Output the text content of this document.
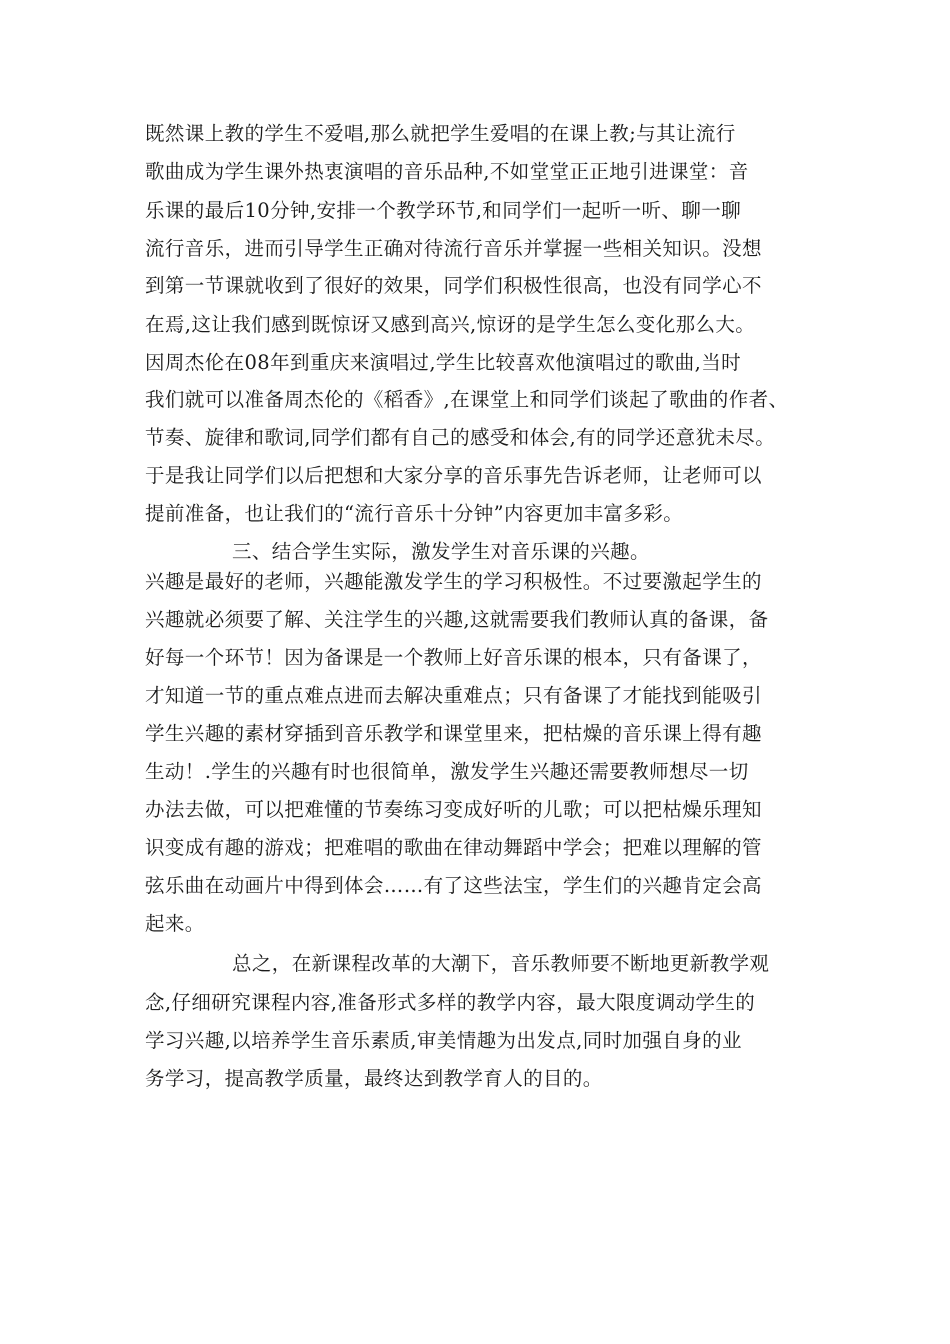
既然课上教的学生不爱唱,那么就把学生爱唱的在课上教;与其让流行
歌曲成为学生课外热衷演唱的音乐品种,不如堂堂正正地引进课堂：音
乐课的最后10分钟,安排一个教学环节,和同学们一起听一听、聊一聊
流行音乐，进而引导学生正确对待流行音乐并掌握一些相关知识。没想
到第一节课就收到了很好的效果，同学们积极性很高，也没有同学心不
在焉,这让我们感到既惊讶又感到高兴,惊讶的是学生怎么变化那么大。
因周杰伦在08年到重庆来演唱过,学生比较喜欢他演唱过的歌曲,当时
我们就可以准备周杰伦的《稻香》,在课堂上和同学们谈起了歌曲的作者、
节奏、旋律和歌词,同学们都有自己的感受和体会,有的同学还意犹未尽。
于是我让同学们以后把想和大家分享的音乐事先告诉老师，让老师可以
提前准备，也让我们的“流行音乐十分钟”内容更加丰富多彩。
三、结合学生实际，激发学生对音乐课的兴趣。
兴趣是最好的老师，兴趣能激发学生的学习积极性。不过要激起学生的
兴趣就必须要了解、关注学生的兴趣,这就需要我们教师认真的备课，备
好每一个环节！因为备课是一个教师上好音乐课的根本，只有备课了，
才知道一节的重点难点进而去解决重难点；只有备课了才能找到能吸引
学生兴趣的素材穿插到音乐教学和课堂里来，把枯燥的音乐课上得有趣
生动！.学生的兴趣有时也很简单，激发学生兴趣还需要教师想尽一切
办法去做，可以把难懂的节奏练习变成好听的儿歌；可以把枯燥乐理知
识变成有趣的游戏；把难唱的歌曲在律动舞蹈中学会；把难以理解的管
弦乐曲在动画片中得到体会……有了这些法宝，学生们的兴趣肯定会高
起来。
总之，在新课程改革的大潮下，音乐教师要不断地更新教学观
念,仔细研究课程内容,准备形式多样的教学内容，最大限度调动学生的
学习兴趣,以培养学生音乐素质,审美情趣为出发点,同时加强自身的业
务学习，提高教学质量，最终达到教学育人的目的。
